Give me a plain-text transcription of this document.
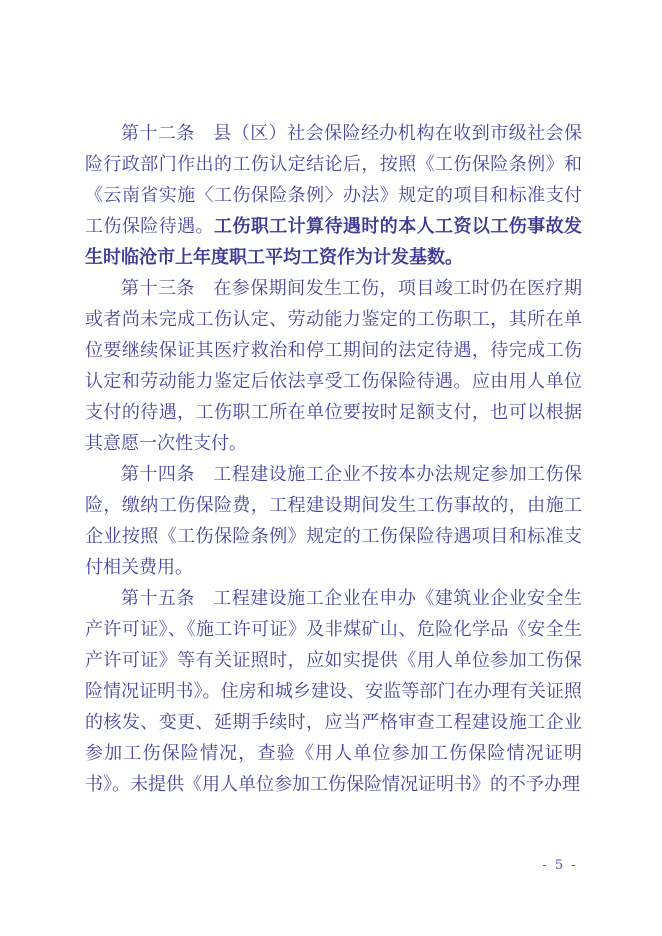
第十二条　县（区）社会保险经办机构在收到市级社会保险行政部门作出的工伤认定结论后，按照《工伤保险条例》和《云南省实施〈工伤保险条例〉办法》规定的项目和标准支付工伤保险待遇。工伤职工计算待遇时的本人工资以工伤事故发生时临沧市上年度职工平均工资作为计发基数。

第十三条　在参保期间发生工伤，项目竣工时仍在医疗期或者尚未完成工伤认定、劳动能力鉴定的工伤职工，其所在单位要继续保证其医疗救治和停工期间的法定待遇，待完成工伤认定和劳动能力鉴定后依法享受工伤保险待遇。应由用人单位支付的待遇，工伤职工所在单位要按时足额支付，也可以根据其意愿一次性支付。

第十四条　工程建设施工企业不按本办法规定参加工伤保险，缴纳工伤保险费，工程建设期间发生工伤事故的，由施工企业按照《工伤保险条例》规定的工伤保险待遇项目和标准支付相关费用。

第十五条　工程建设施工企业在申办《建筑业企业安全生产许可证》、《施工许可证》及非煤矿山、危险化学品《安全生产许可证》等有关证照时，应如实提供《用人单位参加工伤保险情况证明书》。住房和城乡建设、安监等部门在办理有关证照的核发、变更、延期手续时，应当严格审查工程建设施工企业参加工伤保险情况，查验《用人单位参加工伤保险情况证明书》。未提供《用人单位参加工伤保险情况证明书》的不予办理

- 5 -
